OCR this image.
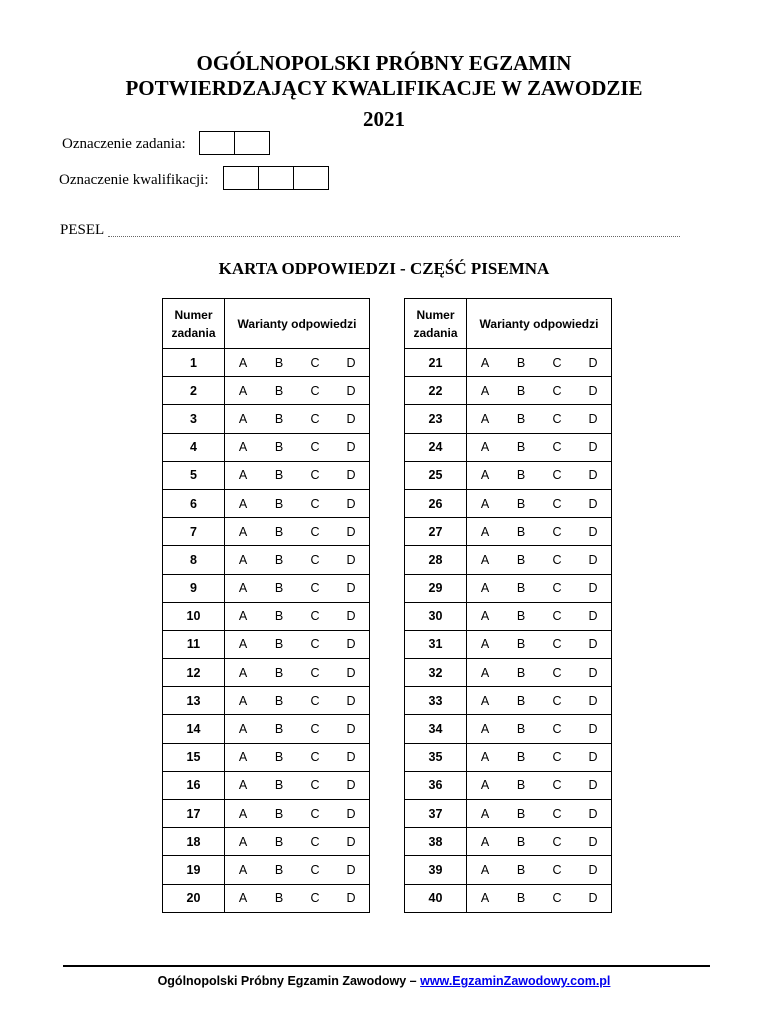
OGÓLNOPOLSKI PRÓBNY EGZAMIN
POTWIERDZAJĄCY KWALIFIKACJE W ZAWODZIE
2021
Oznaczenie zadania:
Oznaczenie kwalifikacji:
PESEL
KARTA ODPOWIEDZI - CZĘŚĆ PISEMNA
Numer
zadania	Warianty odpowiedzi			
1	A	B	C	D
2	A	B	C	D
3	A	B	C	D
4	A	B	C	D
5	A	B	C	D
6	A	B	C	D
7	A	B	C	D
8	A	B	C	D
9	A	B	C	D
10	A	B	C	D
11	A	B	C	D
12	A	B	C	D
13	A	B	C	D
14	A	B	C	D
15	A	B	C	D
16	A	B	C	D
17	A	B	C	D
18	A	B	C	D
19	A	B	C	D
20	A	B	C	D
Numer
zadania	Warianty odpowiedzi			
21	A	B	C	D
22	A	B	C	D
23	A	B	C	D
24	A	B	C	D
25	A	B	C	D
26	A	B	C	D
27	A	B	C	D
28	A	B	C	D
29	A	B	C	D
30	A	B	C	D
31	A	B	C	D
32	A	B	C	D
33	A	B	C	D
34	A	B	C	D
35	A	B	C	D
36	A	B	C	D
37	A	B	C	D
38	A	B	C	D
39	A	B	C	D
40	A	B	C	D
Ogólnopolski Próbny Egzamin Zawodowy – www.EgzaminZawodowy.com.pl
